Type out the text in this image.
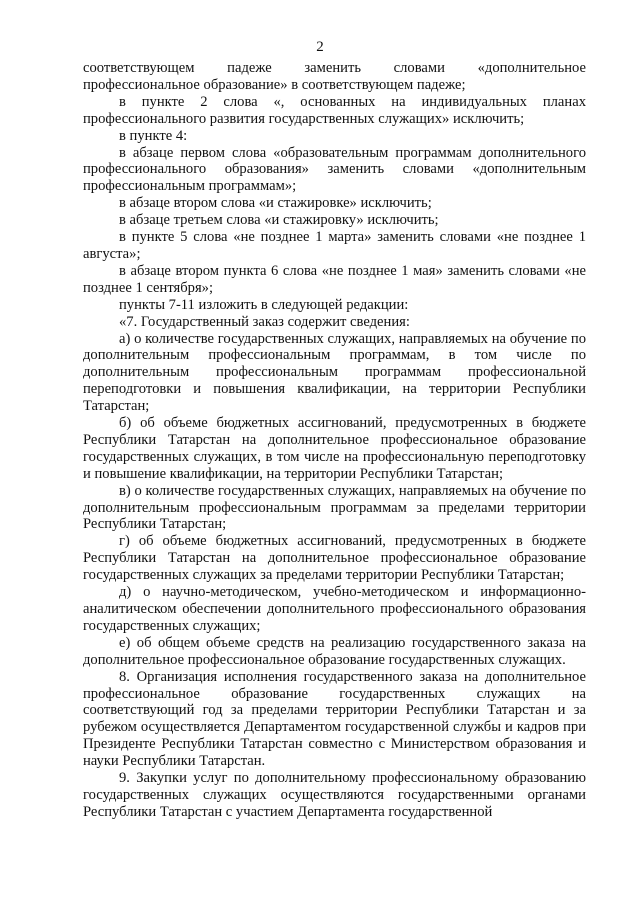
2

соответствующем падеже заменить словами «дополнительное профессиональное образование» в соответствующем падеже;

в пункте 2 слова «, основанных на индивидуальных планах профессионального развития государственных служащих» исключить;

в пункте 4:

в абзаце первом слова «образовательным программам дополнительного профессионального образования» заменить словами «дополнительным профессиональным программам»;

в абзаце втором слова «и стажировке» исключить;

в абзаце третьем слова «и стажировку» исключить;

в пункте 5 слова «не позднее 1 марта» заменить словами «не позднее 1 августа»;

в абзаце втором пункта 6 слова «не позднее 1 мая» заменить словами «не позднее 1 сентября»;

пункты 7-11 изложить в следующей редакции:

«7. Государственный заказ содержит сведения:

а) о количестве государственных служащих, направляемых на обучение по дополнительным профессиональным программам, в том числе по дополнительным профессиональным программам профессиональной переподготовки и повышения квалификации, на территории Республики Татарстан;

б) об объеме бюджетных ассигнований, предусмотренных в бюджете Республики Татарстан на дополнительное профессиональное образование государственных служащих, в том числе на профессиональную переподготовку и повышение квалификации, на территории Республики Татарстан;

в) о количестве государственных служащих, направляемых на обучение по дополнительным профессиональным программам за пределами территории Республики Татарстан;

г) об объеме бюджетных ассигнований, предусмотренных в бюджете Республики Татарстан на дополнительное профессиональное образование государственных служащих за пределами территории Республики Татарстан;

д) о научно-методическом, учебно-методическом и информационно-аналитическом обеспечении дополнительного профессионального образования государственных служащих;

е) об общем объеме средств на реализацию государственного заказа на дополнительное профессиональное образование государственных служащих.

8. Организация исполнения государственного заказа на дополнительное профессиональное образование государственных служащих на соответствующий год за пределами территории Республики Татарстан и за рубежом осуществляется Департаментом государственной службы и кадров при Президенте Республики Татарстан совместно с Министерством образования и науки Республики Татарстан.

9. Закупки услуг по дополнительному профессиональному образованию государственных служащих осуществляются государственными органами Республики Татарстан с участием Департамента государственной
